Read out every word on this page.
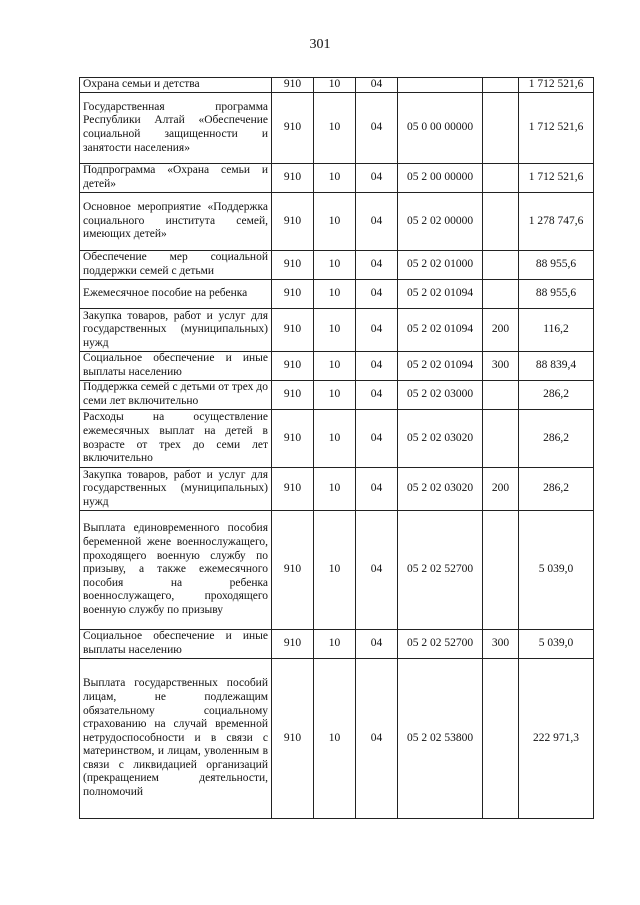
301
Охрана семьи и детства	910	10	04			1 712 521,6
Государственная программа Республики Алтай «Обеспечение социальной защищенности и занятости населения»	910	10	04	05 0 00 00000		1 712 521,6
Подпрограмма «Охрана семьи и детей»	910	10	04	05 2 00 00000		1 712 521,6
Основное мероприятие «Поддержка социального института семей, имеющих детей»	910	10	04	05 2 02 00000		1 278 747,6
Обеспечение мер социальной поддержки семей с детьми	910	10	04	05 2 02 01000		88 955,6
Ежемесячное пособие на ребенка	910	10	04	05 2 02 01094		88 955,6
Закупка товаров, работ и услуг для государственных (муниципальных) нужд	910	10	04	05 2 02 01094	200	116,2
Социальное обеспечение и иные выплаты населению	910	10	04	05 2 02 01094	300	88 839,4
Поддержка семей с детьми от трех до семи лет включительно	910	10	04	05 2 02 03000		286,2
Расходы на осуществление ежемесячных выплат на детей в возрасте от трех до семи лет включительно	910	10	04	05 2 02 03020		286,2
Закупка товаров, работ и услуг для государственных (муниципальных) нужд	910	10	04	05 2 02 03020	200	286,2
Выплата единовременного пособия беременной жене военнослужащего, проходящего военную службу по призыву, а также ежемесячного пособия на ребенка военнослужащего, проходящего военную службу по призыву	910	10	04	05 2 02 52700		5 039,0
Социальное обеспечение и иные выплаты населению	910	10	04	05 2 02 52700	300	5 039,0
Выплата государственных пособий лицам, не подлежащим обязательному социальному страхованию на случай временной нетрудоспособности и в связи с материнством, и лицам, уволенным в связи с ликвидацией организаций (прекращением деятельности, полномочий	910	10	04	05 2 02 53800		222 971,3
